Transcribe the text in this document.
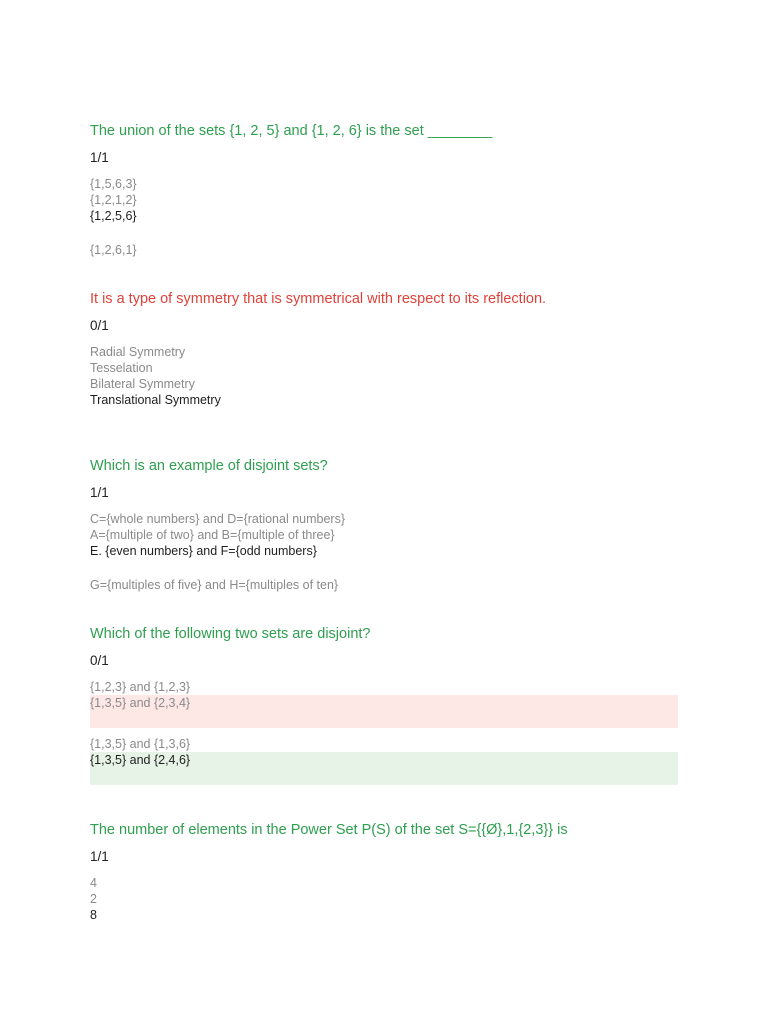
The union of the sets {1, 2, 5} and {1, 2, 6} is the set ________

1/1
{1,5,6,3}
{1,2,1,2}
{1,2,5,6}
{1,2,6,1}

It is a type of symmetry that is symmetrical with respect to its reflection.

0/1
Radial Symmetry
Tesselation
Bilateral Symmetry
Translational Symmetry

Which is an example of disjoint sets?

1/1
C={whole numbers} and D={rational numbers}
A={multiple of two} and B={multiple of three}
E. {even numbers} and F={odd numbers}
G={multiples of five} and H={multiples of ten}

Which of the following two sets are disjoint?

0/1
{1,2,3} and {1,2,3}
{1,3,5} and {2,3,4}
{1,3,5} and {1,3,6}
{1,3,5} and {2,4,6}

The number of elements in the Power Set P(S) of the set S={{Ø},1,{2,3}} is

1/1
4
2
8
